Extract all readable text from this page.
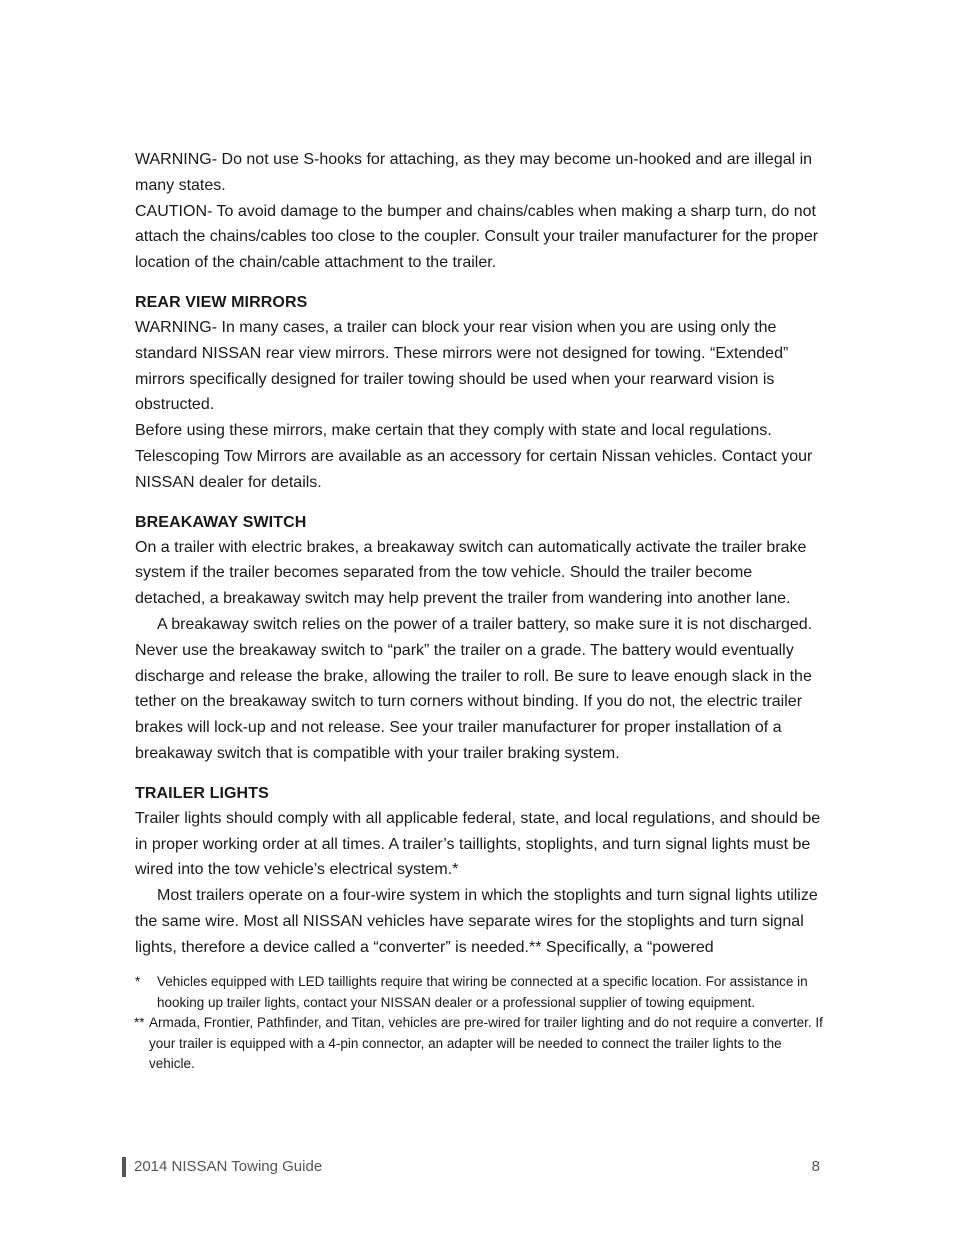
WARNING- Do not use S-hooks for attaching, as they may become un-hooked and are illegal in many states.

CAUTION- To avoid damage to the bumper and chains/cables when making a sharp turn, do not attach the chains/cables too close to the coupler. Consult your trailer manufacturer for the proper location of the chain/cable attachment to the trailer.

REAR VIEW MIRRORS

WARNING- In many cases, a trailer can block your rear vision when you are using only the standard NISSAN rear view mirrors. These mirrors were not designed for towing. “Extended” mirrors specifically designed for trailer towing should be used when your rearward vision is obstructed.

Before using these mirrors, make certain that they comply with state and local regulations. Telescoping Tow Mirrors are available as an accessory for certain Nissan vehicles. Contact your NISSAN dealer for details.

BREAKAWAY SWITCH

On a trailer with electric brakes, a breakaway switch can automatically activate the trailer brake system if the trailer becomes separated from the tow vehicle. Should the trailer become detached, a breakaway switch may help prevent the trailer from wandering into another lane.

A breakaway switch relies on the power of a trailer battery, so make sure it is not discharged. Never use the breakaway switch to “park” the trailer on a grade. The battery would eventually discharge and release the brake, allowing the trailer to roll. Be sure to leave enough slack in the tether on the breakaway switch to turn corners without binding. If you do not, the electric trailer brakes will lock-up and not release. See your trailer manufacturer for proper installation of a breakaway switch that is compatible with your trailer braking system.

TRAILER LIGHTS

Trailer lights should comply with all applicable federal, state, and local regulations, and should be in proper working order at all times. A trailer’s taillights, stoplights, and turn signal lights must be wired into the tow vehicle’s electrical system.*

Most trailers operate on a four-wire system in which the stoplights and turn signal lights utilize the same wire. Most all NISSAN vehicles have separate wires for the stoplights and turn signal lights, therefore a device called a “converter” is needed.** Specifically, a “powered

* Vehicles equipped with LED taillights require that wiring be connected at a specific location. For assistance in hooking up trailer lights, contact your NISSAN dealer or a professional supplier of towing equipment.
** Armada, Frontier, Pathfinder, and Titan, vehicles are pre-wired for trailer lighting and do not require a converter. If your trailer is equipped with a 4-pin connector, an adapter will be needed to connect the trailer lights to the vehicle.
2014 NISSAN Towing Guide	8
